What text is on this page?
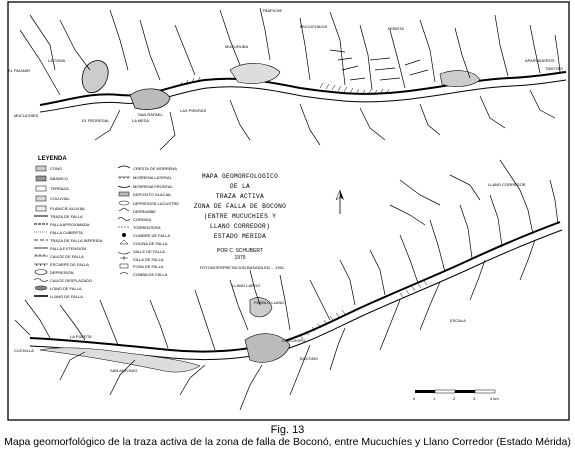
TRAPICHE
LA TOMA
EL PALMAR
MUCUCHIES
MUCURUBA
LAS PIEDRAS
EL PEDREGAL	LA MESA
MISINTA
TIMOTES
SAN RAFAEL
MUCUCHACHI
APARTADEROS
LEYENDA
CONO
ABANICO
TERRAZA
COLUVIAL
PLANICIE ALUVIAL
TRAZA DE FALLA
FALLA APROXIMADA
FALLA CUBIERTA
TRAZA DE FALLA INFERIDA
FALLA EXTENSION
CAUCE DE FALLA
ESCARPE DE FALLA
DEPRESION
CAUCE DESPLAZADO
LOMO DE FALLA
LLANO DE FALLA
CRESTA DE MORRENA
MORRENA LATERAL
MORRENA FRONTAL
DEPOSITO GLACIAL
DEPRESION LACUSTRE
DERRUMBE
CORNISA
TORRENTERA
CUMBRE DE FALLA
COLINA DE FALLA
VALLE DE FALLA
SILLA DE FALLA
FOSA DE FALLA
COMBA DE FALLA
MAPA GEOMORFOLOGICO
DE LA
TRAZA ACTIVA
ZONA DE FALLA DE BOCONO
(ENTRE MUCUCHIES Y
LLANO CORREDOR)
ESTADO MERIDA
POR C. SCHUBERT
1975
FOTOINTERPRETACION BASADA EN ... 1951
LLANO CORREDOR
LLANO LARGO
LA PUERTA
CUCHILLA
CHACHOPO
SAN ANTONIO
PUEBLO LLANO
BOCONO
ESCALA
0	1	2	3	4 km
Fig. 13
Mapa geomorfológico de la traza activa de la zona de falla de Boconó, entre Mucuchíes y Llano Corredor (Estado Mérida)
